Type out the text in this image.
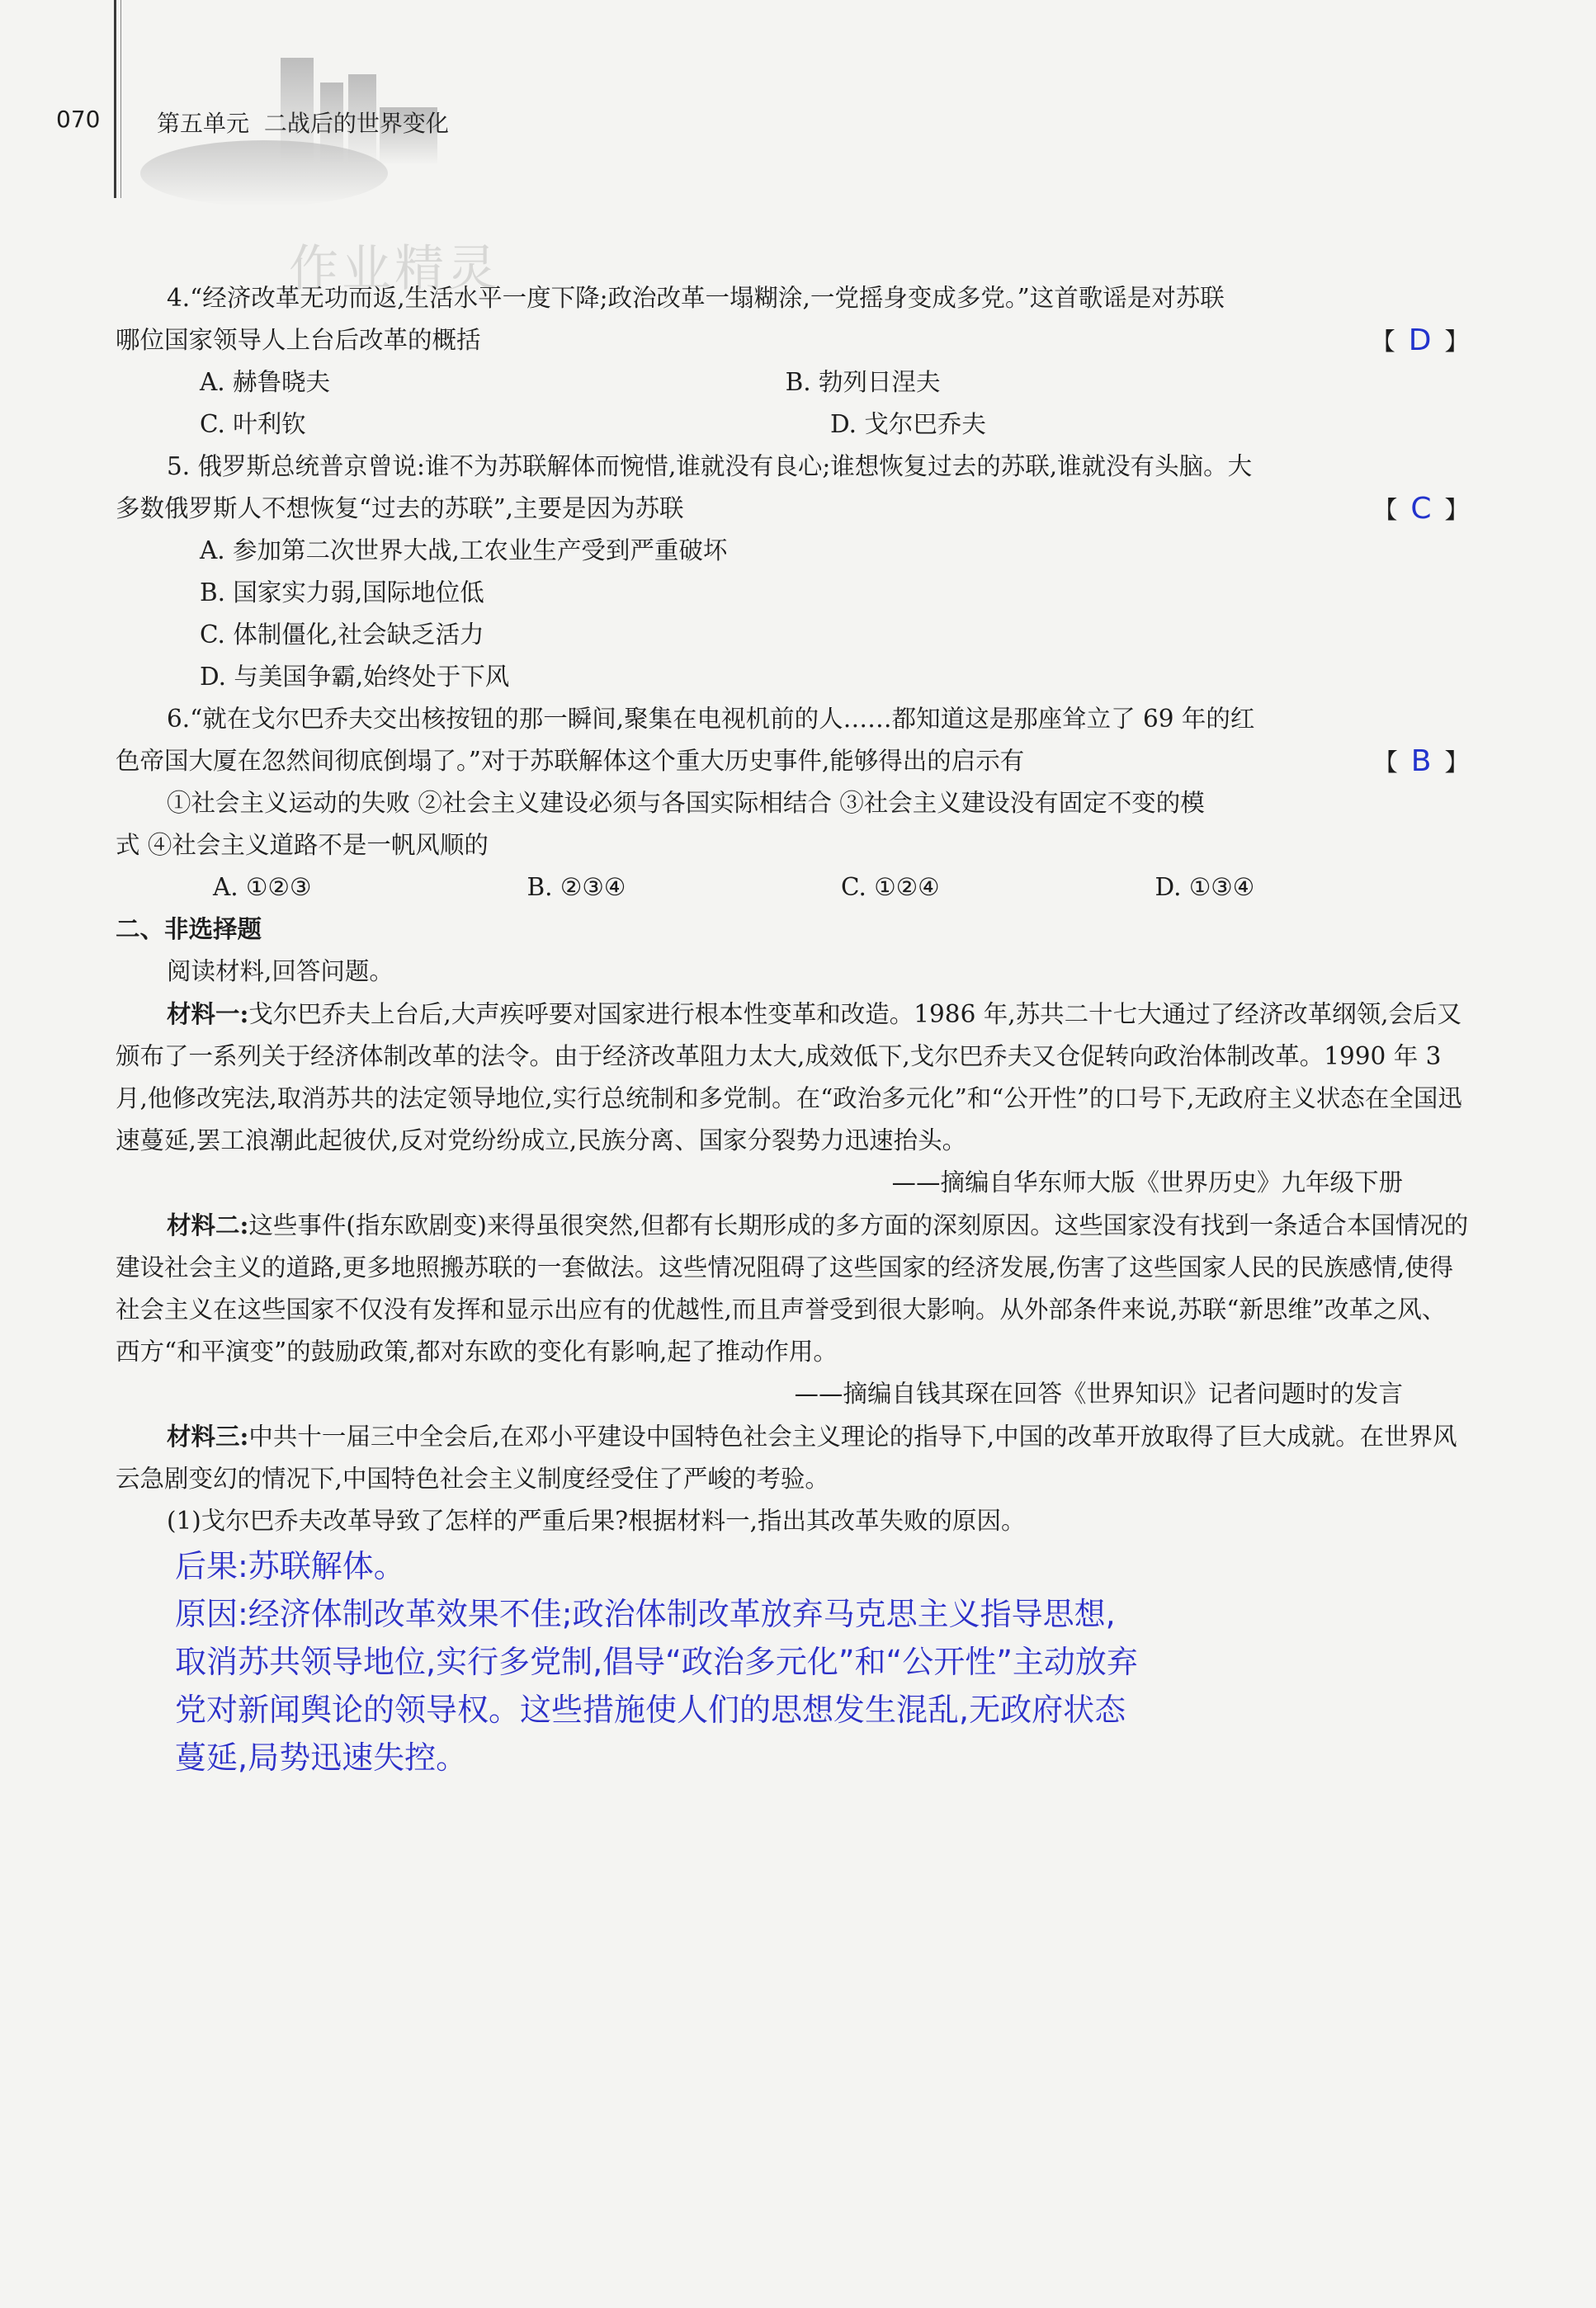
070 第五单元 二战后的世界变化
作业精灵

4.“经济改革无功而返,生活水平一度下降;政治改革一塌糊涂,一党摇身变成多党。”这首歌谣是对苏联

哪位国家领导人上台后改革的概括	【 D 】

A. 赫鲁晓夫	B. 勃列日涅夫
C. 叶利钦	D. 戈尔巴乔夫

5. 俄罗斯总统普京曾说:谁不为苏联解体而惋惜,谁就没有良心;谁想恢复过去的苏联,谁就没有头脑。大

多数俄罗斯人不想恢复“过去的苏联”,主要是因为苏联	【 C 】

A. 参加第二次世界大战,工农业生产受到严重破坏

B. 国家实力弱,国际地位低

C. 体制僵化,社会缺乏活力

D. 与美国争霸,始终处于下风

6.“就在戈尔巴乔夫交出核按钮的那一瞬间,聚集在电视机前的人……都知道这是那座耸立了 69 年的红

色帝国大厦在忽然间彻底倒塌了。”对于苏联解体这个重大历史事件,能够得出的启示有	【 B 】

①社会主义运动的失败 ②社会主义建设必须与各国实际相结合 ③社会主义建设没有固定不变的模

式 ④社会主义道路不是一帆风顺的

A. ①②③	B. ②③④	C. ①②④	D. ①③④

二、非选择题

阅读材料,回答问题。

材料一:戈尔巴乔夫上台后,大声疾呼要对国家进行根本性变革和改造。1986 年,苏共二十七大通过了经济改革纲领,会后又颁布了一系列关于经济体制改革的法令。由于经济改革阻力太大,成效低下,戈尔巴乔夫又仓促转向政治体制改革。1990 年 3 月,他修改宪法,取消苏共的法定领导地位,实行总统制和多党制。在“政治多元化”和“公开性”的口号下,无政府主义状态在全国迅速蔓延,罢工浪潮此起彼伏,反对党纷纷成立,民族分离、国家分裂势力迅速抬头。

——摘编自华东师大版《世界历史》九年级下册

材料二:这些事件(指东欧剧变)来得虽很突然,但都有长期形成的多方面的深刻原因。这些国家没有找到一条适合本国情况的建设社会主义的道路,更多地照搬苏联的一套做法。这些情况阻碍了这些国家的经济发展,伤害了这些国家人民的民族感情,使得社会主义在这些国家不仅没有发挥和显示出应有的优越性,而且声誉受到很大影响。从外部条件来说,苏联“新思维”改革之风、西方“和平演变”的鼓励政策,都对东欧的变化有影响,起了推动作用。

——摘编自钱其琛在回答《世界知识》记者问题时的发言

材料三:中共十一届三中全会后,在邓小平建设中国特色社会主义理论的指导下,中国的改革开放取得了巨大成就。在世界风云急剧变幻的情况下,中国特色社会主义制度经受住了严峻的考验。

(1)戈尔巴乔夫改革导致了怎样的严重后果?根据材料一,指出其改革失败的原因。

后果:苏联解体。

原因:经济体制改革效果不佳;政治体制改革放弃马克思主义指导思想,

取消苏共领导地位,实行多党制,倡导“政治多元化”和“公开性”主动放弃

党对新闻舆论的领导权。这些措施使人们的思想发生混乱,无政府状态

蔓延,局势迅速失控。
